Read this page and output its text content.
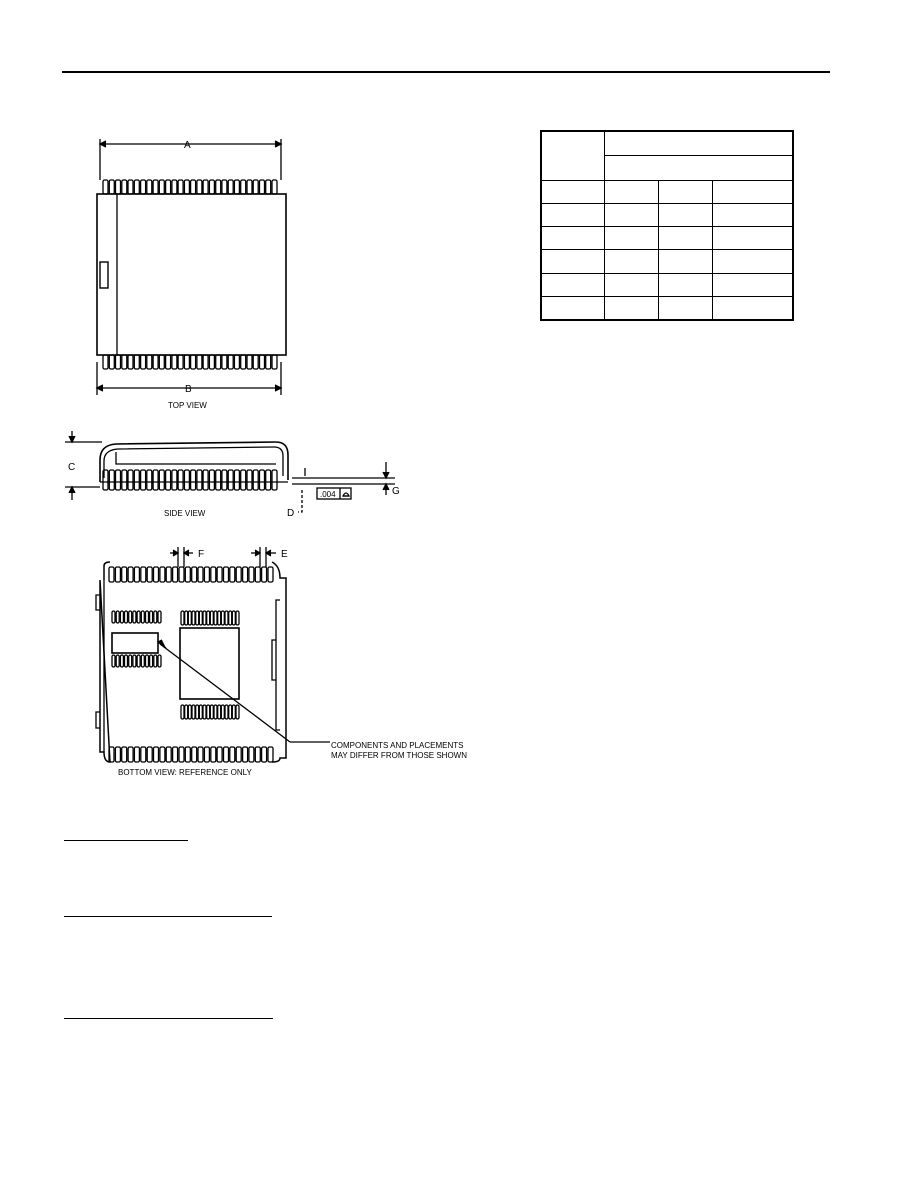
A
B
TOP VIEW
C
D
G
.004
SIDE VIEW
F	E
COMPONENTS AND PLACEMENTS
MAY DIFFER FROM THOSE SHOWN
BOTTOM VIEW: REFERENCE ONLY
